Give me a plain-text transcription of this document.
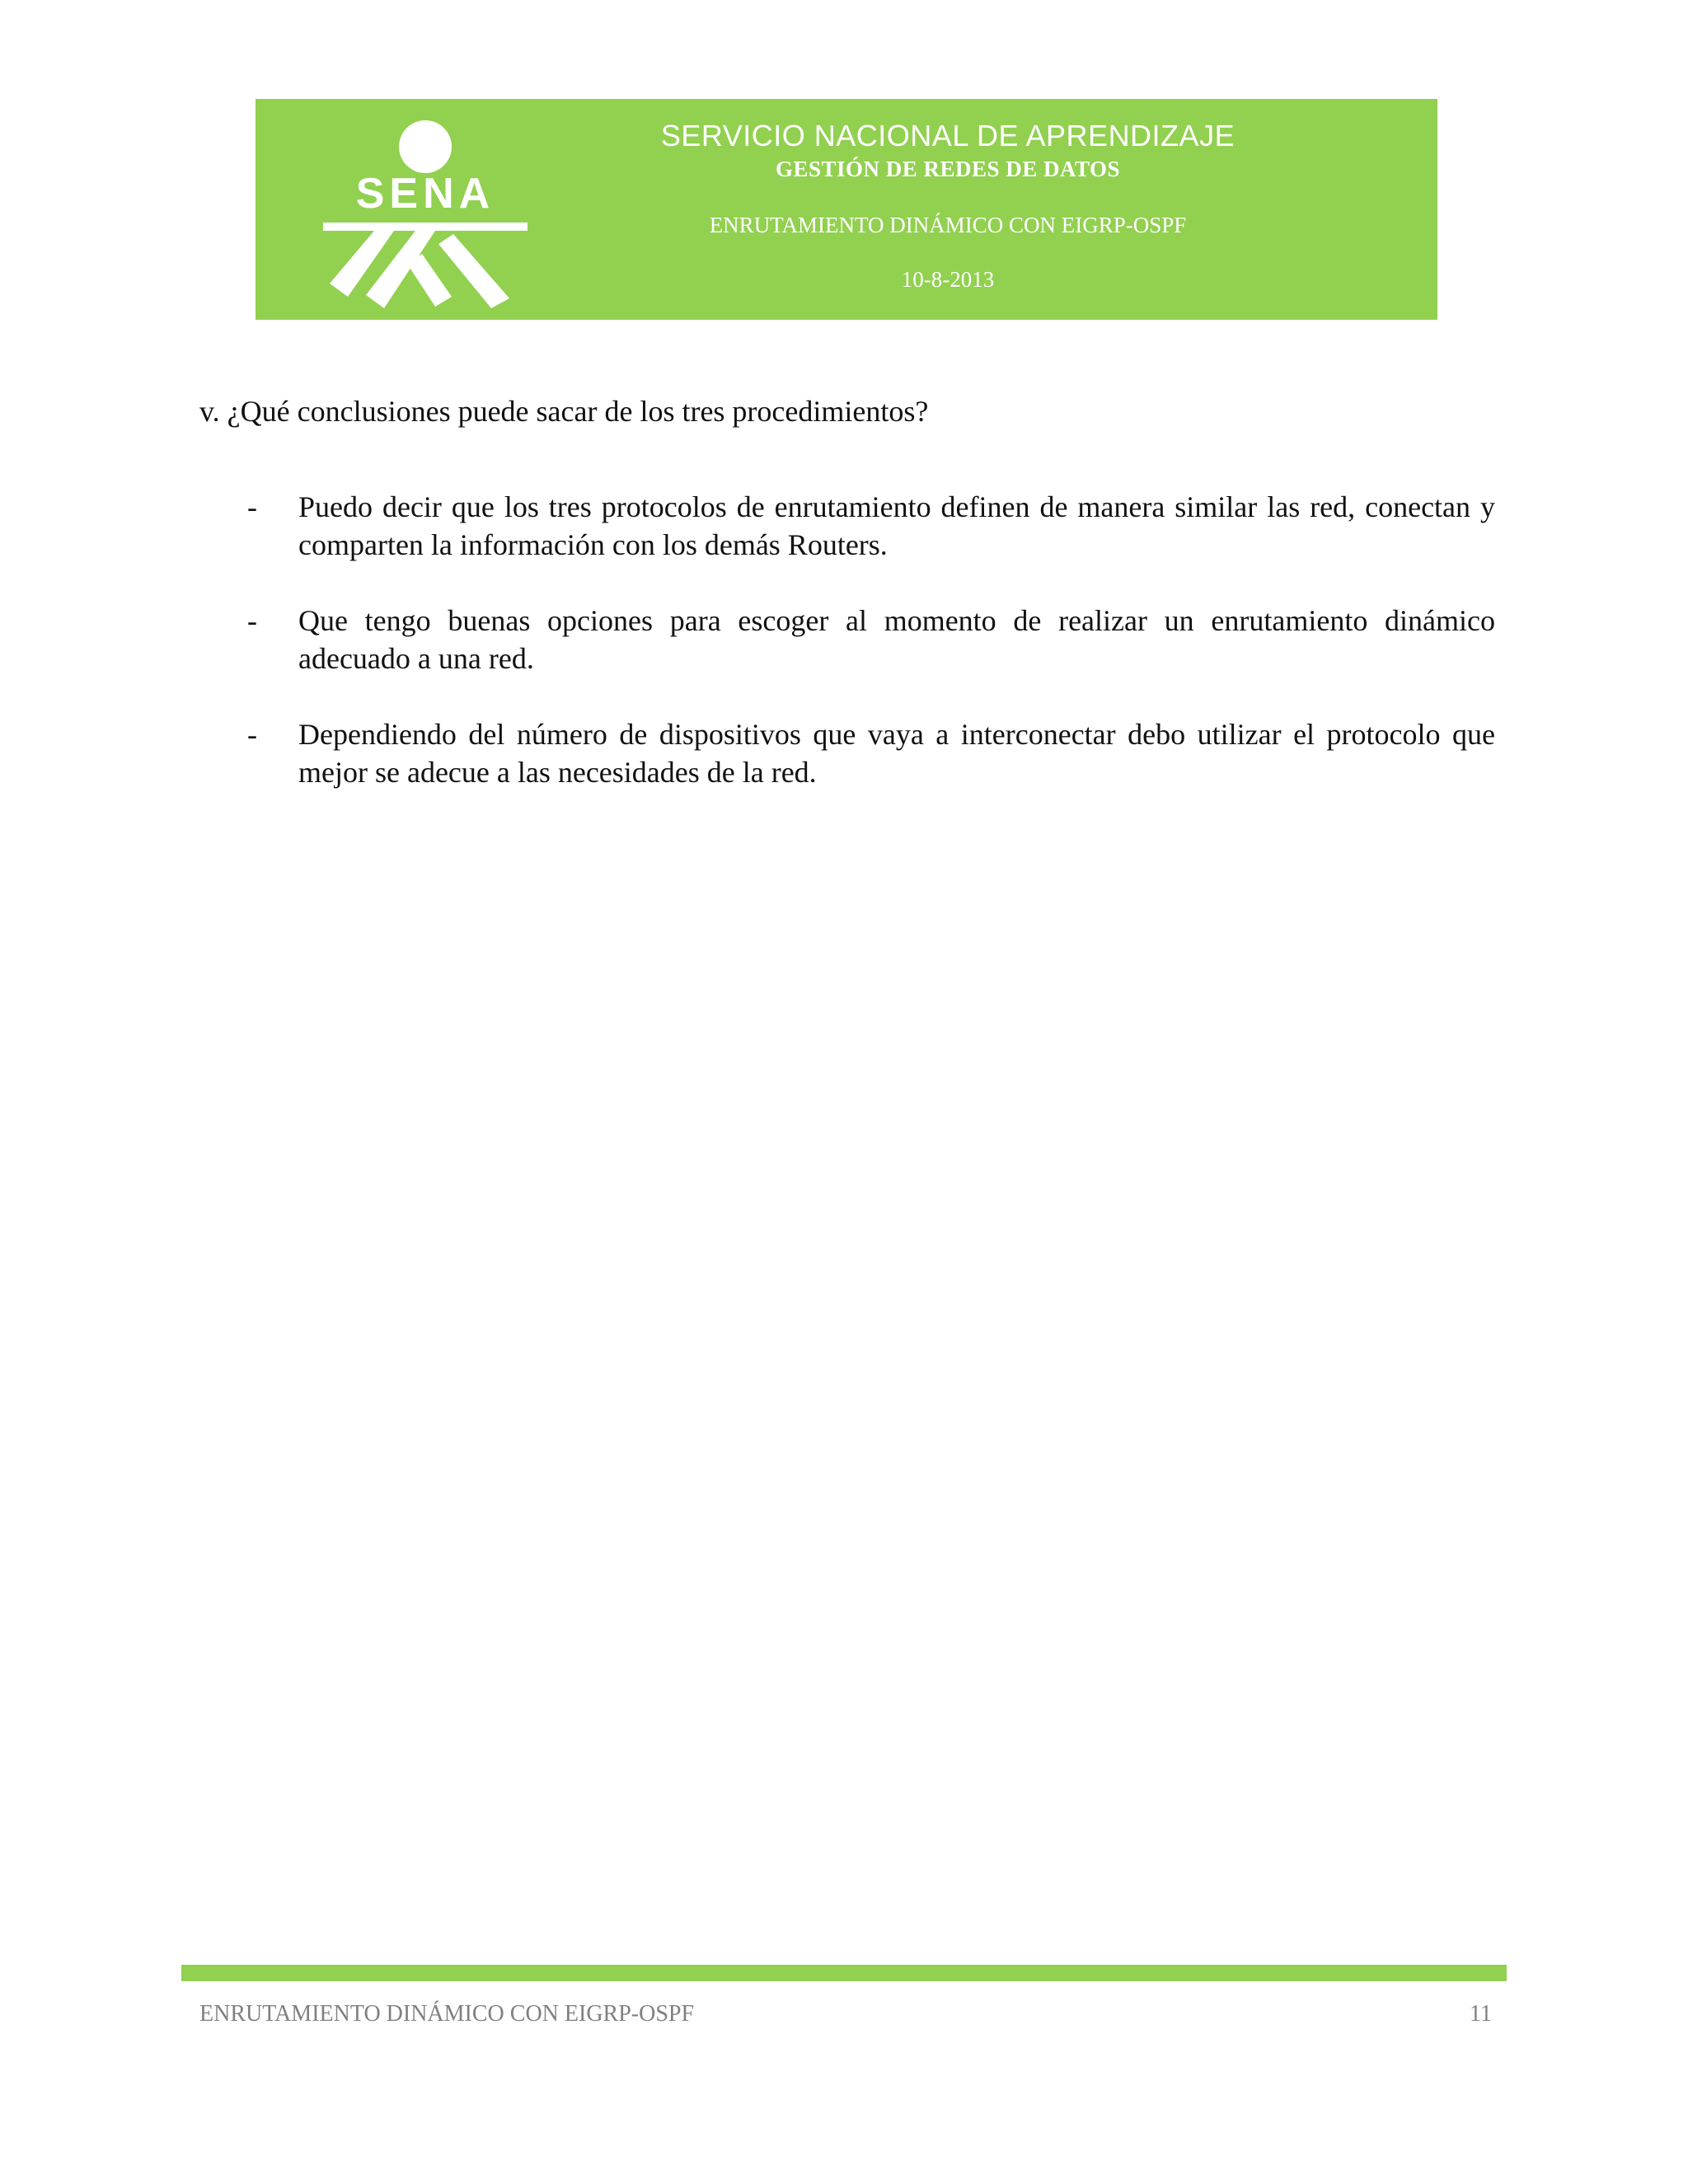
SENA
SERVICIO NACIONAL DE APRENDIZAJE
GESTIÓN DE REDES DE DATOS
ENRUTAMIENTO DINÁMICO CON EIGRP-OSPF
10-8-2013
v. ¿Qué conclusiones puede sacar de los tres procedimientos?
- Puedo decir que los tres protocolos de enrutamiento definen de manera similar las red, conectan y comparten la información con los demás Routers.
- Que tengo buenas opciones para escoger al momento de realizar un enrutamiento dinámico adecuado a una red.
- Dependiendo del número de dispositivos que vaya a interconectar debo utilizar el protocolo que mejor se adecue a las necesidades de la red.
ENRUTAMIENTO DINÁMICO CON EIGRP-OSPF	11
